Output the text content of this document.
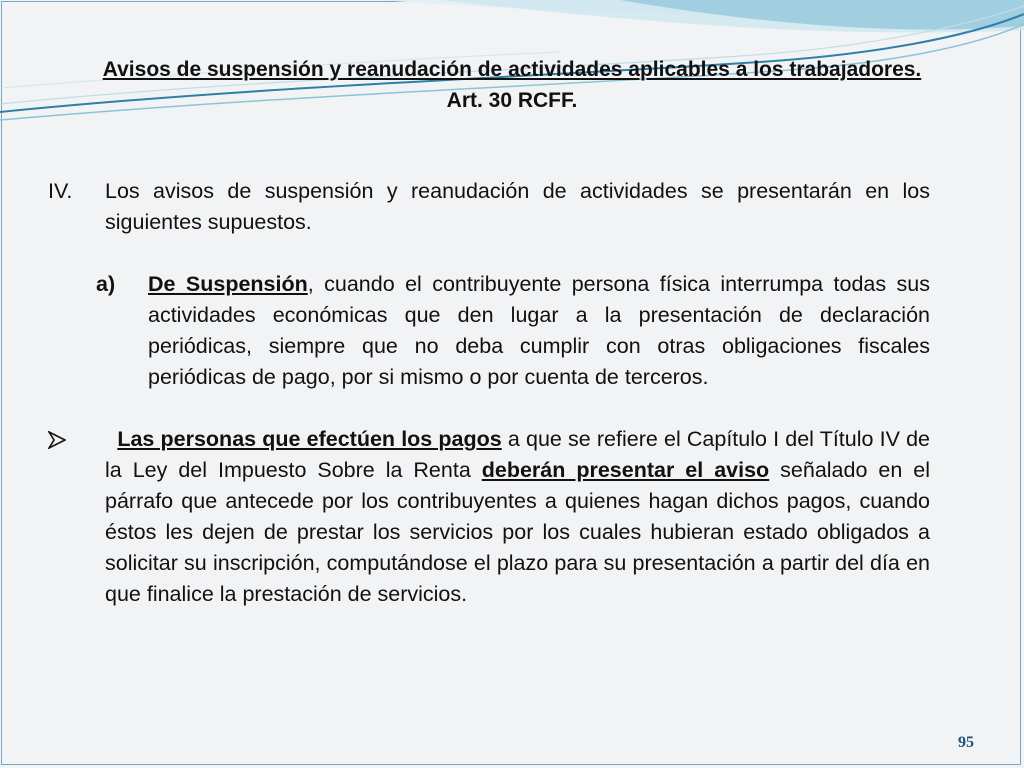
Avisos de suspensión y reanudación de actividades aplicables a los trabajadores.
Art. 30 RCFF.
IV.	Los avisos de suspensión y reanudación de actividades se presentarán en los siguientes supuestos.
a)	De Suspensión, cuando el contribuyente persona física interrumpa todas sus actividades económicas que den lugar a la presentación de declaración periódicas, siempre que no deba cumplir con otras obligaciones fiscales periódicas de pago, por si mismo o por cuenta de terceros.
Las personas que efectúen los pagos a que se refiere el Capítulo I del Título IV de la Ley del Impuesto Sobre la Renta deberán presentar el aviso señalado en el párrafo que antecede por los contribuyentes a quienes hagan dichos pagos, cuando éstos les dejen de prestar los servicios por los cuales hubieran estado obligados a solicitar su inscripción, computándose el plazo para su presentación a partir del día en que finalice la prestación de servicios.
95
